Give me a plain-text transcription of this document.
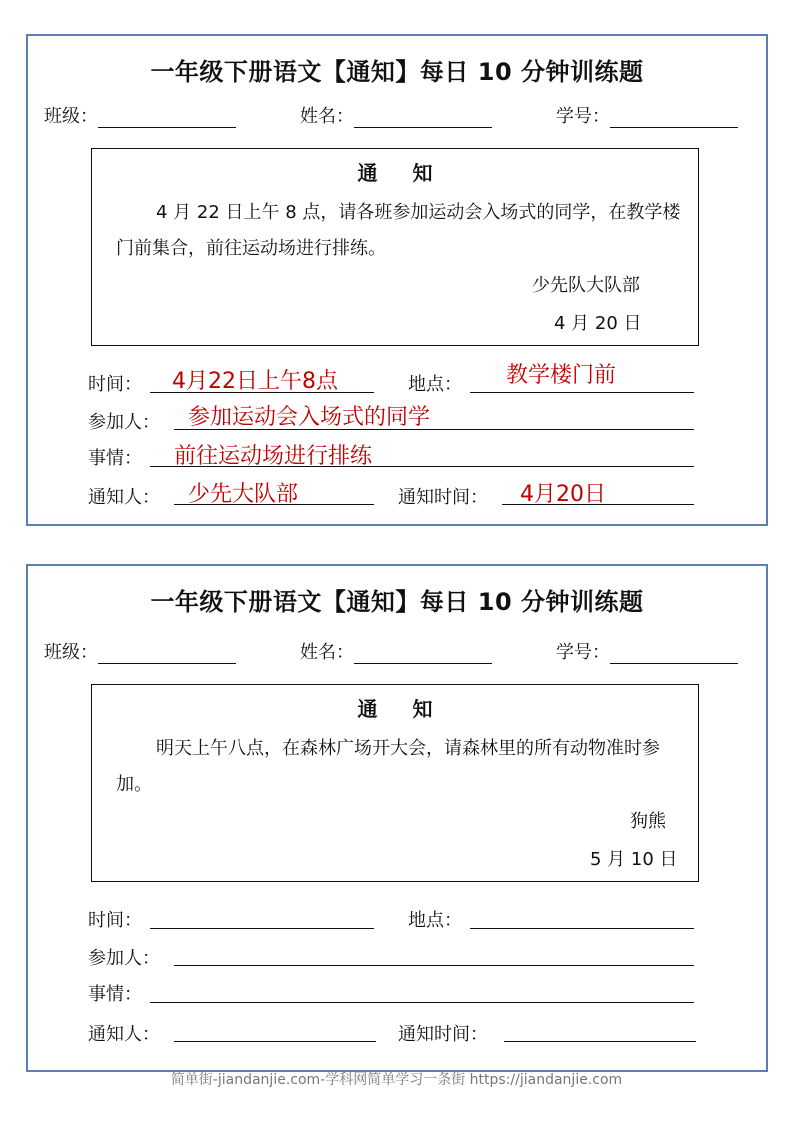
一年级下册语文【通知】每日 10 分钟训练题
班级：	姓名：	学号：
通 知
4 月 22 日上午 8 点，请各班参加运动会入场式的同学，在教学楼门前集合，前往运动场进行排练。
少先队大队部
4 月 20 日
时间： 4月22日上午8点	地点： 教学楼门前
参加人： 参加运动会入场式的同学
事情： 前往运动场进行排练
通知人： 少先大队部	通知时间： 4月20日
一年级下册语文【通知】每日 10 分钟训练题
班级：	姓名：	学号：
通 知
明天上午八点，在森林广场开大会，请森林里的所有动物准时参加。
狗熊
5 月 10 日
时间：	地点：
参加人：
事情：
通知人：	通知时间：
简单街-jiandanjie.com-学科网简单学习一条街 https://jiandanjie.com
